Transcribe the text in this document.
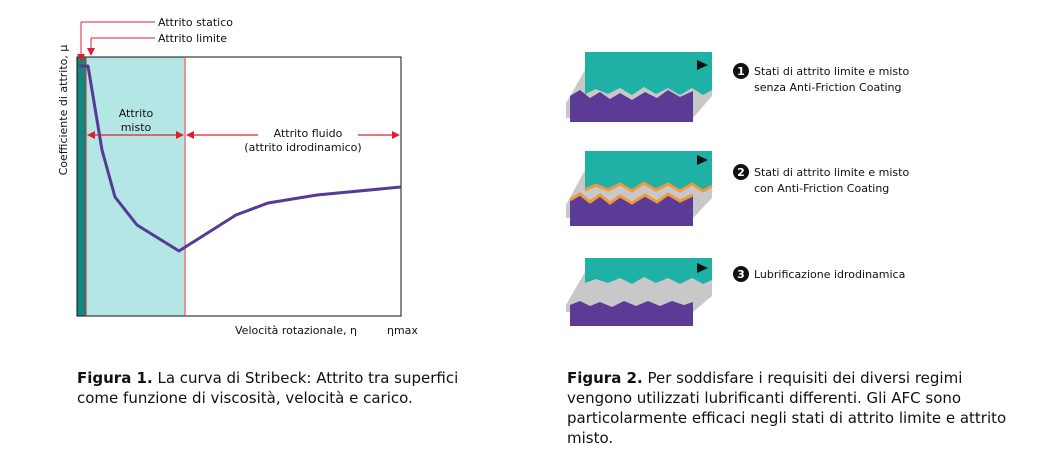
Attrito statico
Attrito limite
Attrito
misto	Attrito fluido
(attrito idrodinamico)
Coefficiente di attrito, μ
Velocità rotazionale, η	ηmax
1 Stati di attrito limite e misto
senza Anti-Friction Coating
2 Stati di attrito limite e misto
con Anti-Friction Coating
3 Lubrificazione idrodinamica
Figura 1. La curva di Stribeck: Attrito tra superfici come funzione di viscosità, velocità e carico.
Figura 2. Per soddisfare i requisiti dei diversi regimi vengono utilizzati lubrificanti differenti. Gli AFC sono particolarmente efficaci negli stati di attrito limite e attrito misto.
